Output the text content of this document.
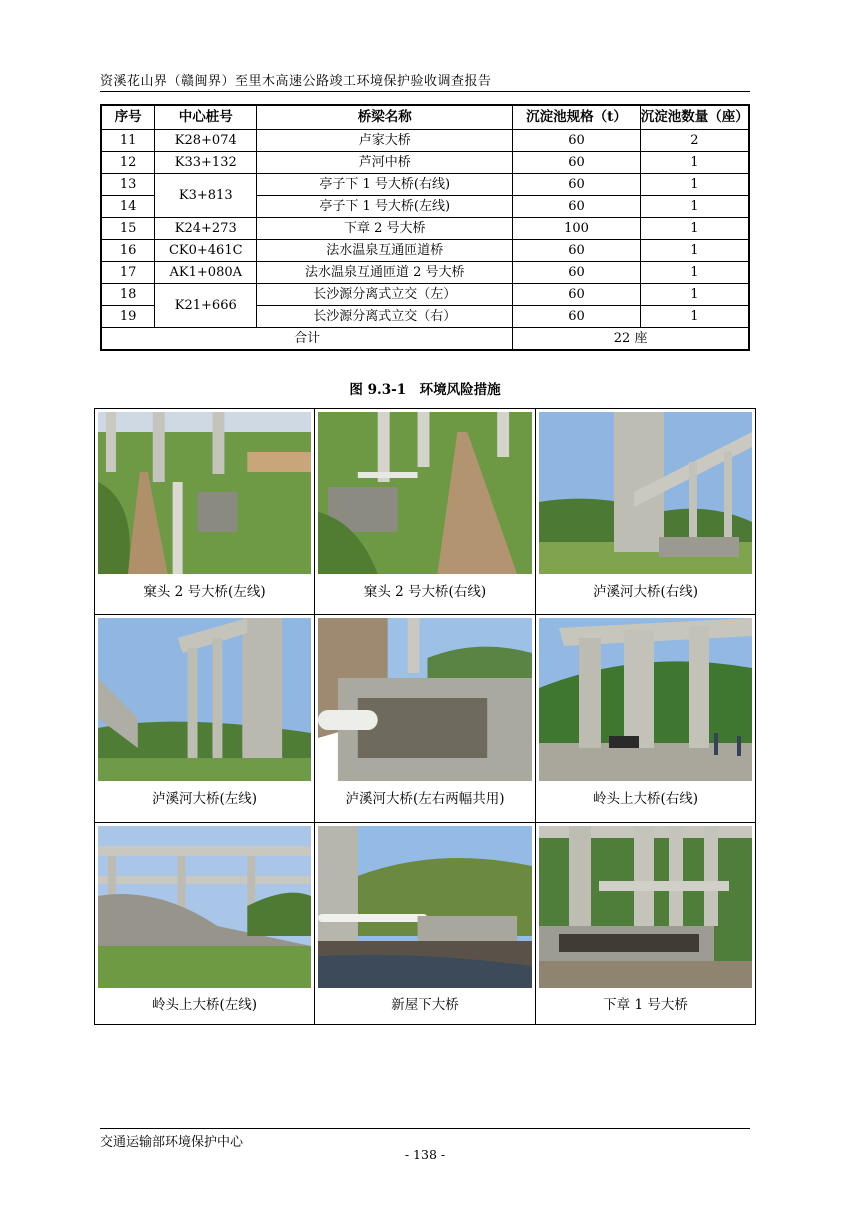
资溪花山界（赣闽界）至里木高速公路竣工环境保护验收调查报告
序号	中心桩号	桥梁名称	沉淀池规格（t）	沉淀池数量（座）
11	K28+074	卢家大桥	60	2
12	K33+132	芦河中桥	60	1
13	K3+813	亭子下 1 号大桥(右线)	60	1
14		亭子下 1 号大桥(左线)	60	1
15	K24+273	下章 2 号大桥	100	1
16	CK0+461C	法水温泉互通匝道桥	60	1
17	AK1+080A	法水温泉互通匝道 2 号大桥	60	1
18	K21+666	长沙源分离式立交（左）	60	1
19		长沙源分离式立交（右）	60	1
合计			22 座	
图 9.3-1　环境风险措施
窠头 2 号大桥(左线)	窠头 2 号大桥(右线)	泸溪河大桥(右线)
泸溪河大桥(左线)	泸溪河大桥(左右两幅共用)	岭头上大桥(右线)
岭头上大桥(左线)	新屋下大桥	下章 1 号大桥
交通运输部环境保护中心
- 138 -
